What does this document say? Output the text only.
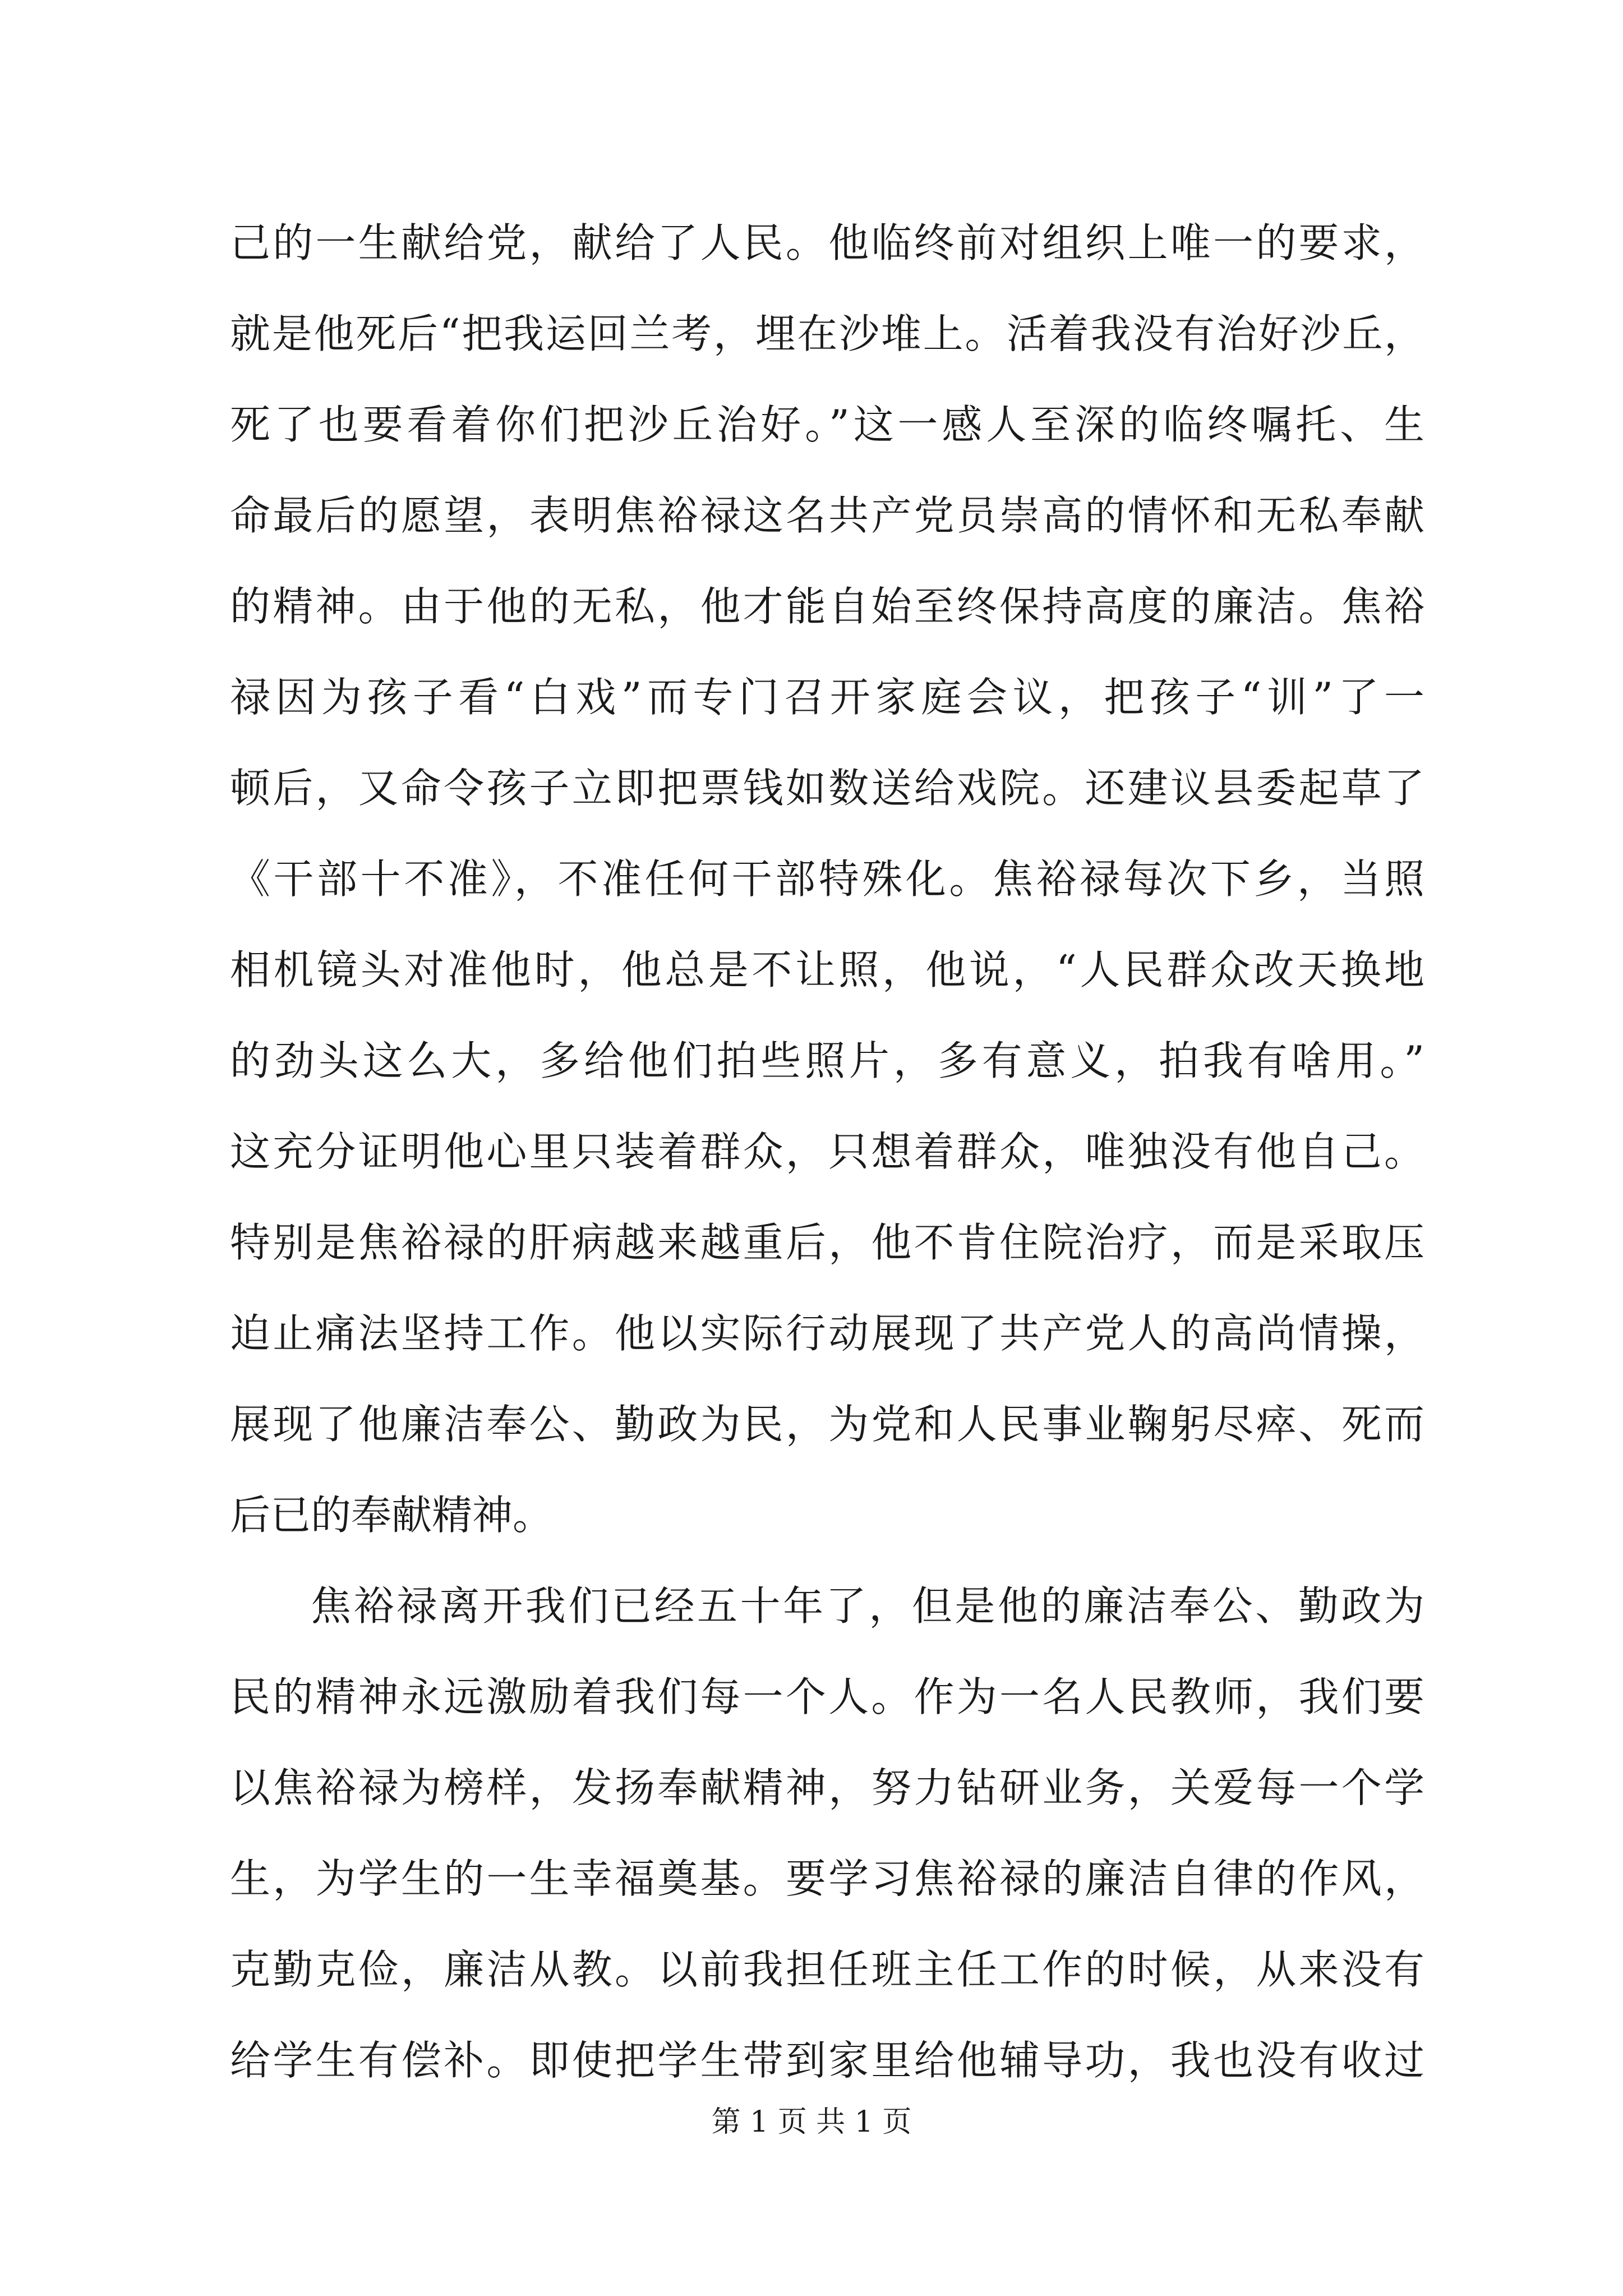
己的一生献给党，献给了人民。他临终前对组织上唯一的要求，
就是他死后“把我运回兰考，埋在沙堆上。活着我没有治好沙丘，
死了也要看着你们把沙丘治好。”这一感人至深的临终嘱托、生
命最后的愿望，表明焦裕禄这名共产党员崇高的情怀和无私奉献
的精神。由于他的无私，他才能自始至终保持高度的廉洁。焦裕
禄因为孩子看“白戏”而专门召开家庭会议，把孩子“训”了一
顿后，又命令孩子立即把票钱如数送给戏院。还建议县委起草了
《干部十不准》，不准任何干部特殊化。焦裕禄每次下乡，当照
相机镜头对准他时，他总是不让照，他说，“人民群众改天换地
的劲头这么大，多给他们拍些照片，多有意义，拍我有啥用。”
这充分证明他心里只装着群众，只想着群众，唯独没有他自己。
特别是焦裕禄的肝病越来越重后，他不肯住院治疗，而是采取压
迫止痛法坚持工作。他以实际行动展现了共产党人的高尚情操，
展现了他廉洁奉公、勤政为民，为党和人民事业鞠躬尽瘁、死而
后已的奉献精神。
焦裕禄离开我们已经五十年了，但是他的廉洁奉公、勤政为
民的精神永远激励着我们每一个人。作为一名人民教师，我们要
以焦裕禄为榜样，发扬奉献精神，努力钻研业务，关爱每一个学
生，为学生的一生幸福奠基。要学习焦裕禄的廉洁自律的作风，
克勤克俭，廉洁从教。以前我担任班主任工作的时候，从来没有
给学生有偿补。即使把学生带到家里给他辅导功，我也没有收过
第 1 页 共 1 页
